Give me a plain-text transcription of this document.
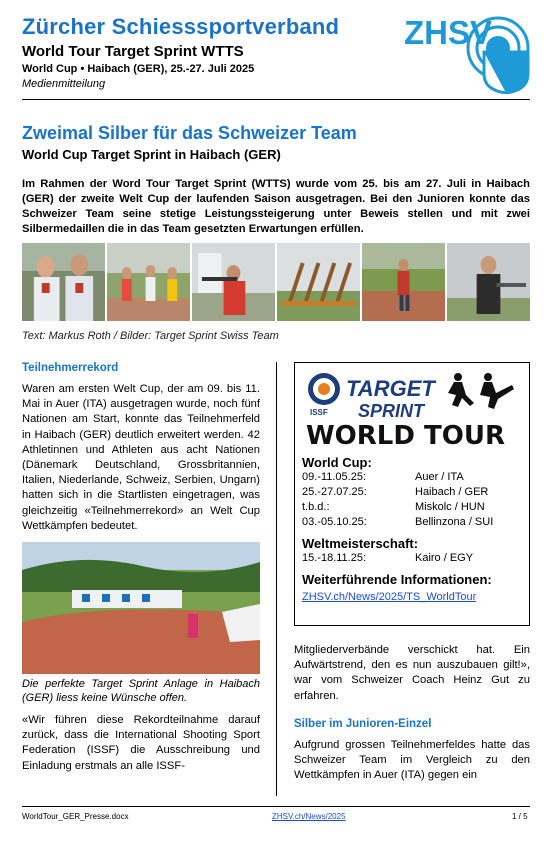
Zürcher Schiesssportverband
World Tour Target Sprint WTTS
World Cup • Haibach (GER), 25.-27. Juli 2025
Medienmitteilung
ZHSV
Zweimal Silber für das Schweizer Team
World Cup Target Sprint in Haibach (GER)
Im Rahmen der Word Tour Target Sprint (WTTS) wurde vom 25. bis am 27. Juli in Haibach (GER) der zweite Welt Cup der laufenden Saison ausgetragen. Bei den Junioren konnte das Schweizer Team seine stetige Leistungssteigerung unter Beweis stellen und mit zwei Silbermedaillen die in das Team gesetzten Erwartungen erfüllen.
Text: Markus Roth / Bilder: Target Sprint Swiss Team
Teilnehmerrekord
Waren am ersten Welt Cup, der am 09. bis 11. Mai in Auer (ITA) ausgetragen wurde, noch fünf Nationen am Start, konnte das Teilnehmerfeld in Haibach (GER) deutlich erweitert werden. 42 Athletinnen und Athleten aus acht Nationen (Dänemark Deutschland, Grossbritannien, Italien, Niederlande, Schweiz, Serbien, Ungarn) hatten sich in die Startlisten eingetragen, was gleichzeitig «Teilnehmerrekord» an Welt Cup Wettkämpfen bedeutet.
Die perfekte Target Sprint Anlage in Haibach (GER) liess keine Wünsche offen.
«Wir führen diese Rekordteilnahme darauf zurück, dass die International Shooting Sport Federation (ISSF) die Ausschreibung und Einladung erstmals an alle ISSF-
ISSF
TARGET
SPRINT
WORLD TOUR
World Cup:
09.-11.05.25:	Auer / ITA
25.-27.07.25:	Haibach / GER
t.b.d.:	Miskolc / HUN
03.-05.10.25:	Bellinzona / SUI
Weltmeisterschaft:
15.-18.11.25:	Kairo / EGY
Weiterführende Informationen:
ZHSV.ch/News/2025/TS_WorldTour
Mitgliederverbände verschickt hat. Ein Aufwärtstrend, den es nun auszubauen gilt!», war vom Schweizer Coach Heinz Gut zu erfahren.
Silber im Junioren-Einzel
Aufgrund grossen Teilnehmerfeldes hatte das Schweizer Team im Vergleich zu den Wettkämpfen in Auer (ITA) gegen ein
WorldTour_GER_Presse.docx	ZHSV.ch/News/2025	1 / 5
